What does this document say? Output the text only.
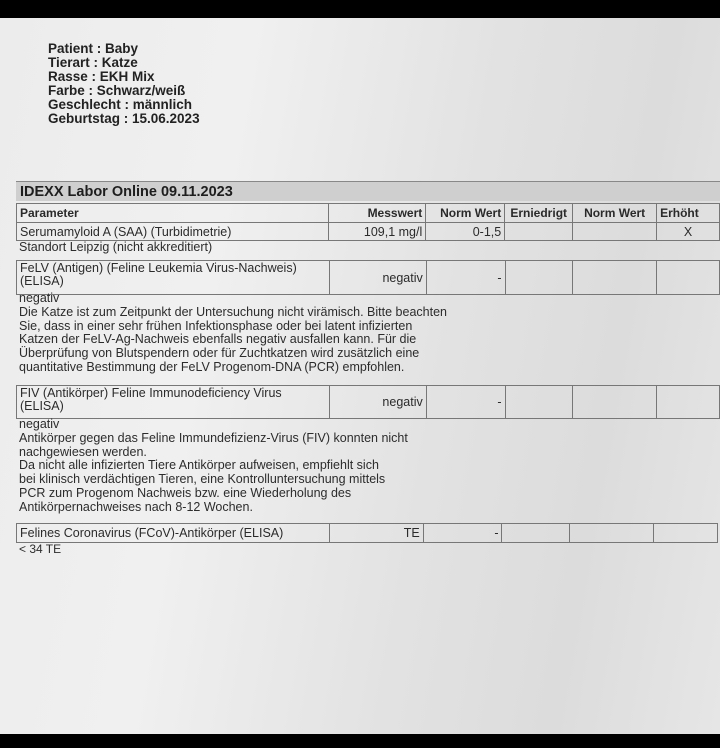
Patient : Baby
Tierart : Katze
Rasse : EKH Mix
Farbe : Schwarz/weiß
Geschlecht : männlich
Geburtstag : 15.06.2023
IDEXX Labor Online 09.11.2023
Parameter	Messwert	Norm Wert	Erniedrigt	Norm Wert	Erhöht
Serumamyloid A (SAA) (Turbidimetrie)	109,1 mg/l	0-1,5			X
Standort Leipzig (nicht akkreditiert)
FeLV (Antigen) (Feline Leukemia Virus-Nachweis)
(ELISA)	negativ	-			
negativ
Die Katze ist zum Zeitpunkt der Untersuchung nicht virämisch. Bitte beachten
Sie, dass in einer sehr frühen Infektionsphase oder bei latent infizierten
Katzen der FeLV-Ag-Nachweis ebenfalls negativ ausfallen kann. Für die
Überprüfung von Blutspendern oder für Zuchtkatzen wird zusätzlich eine
quantitative Bestimmung der FeLV Progenom-DNA (PCR) empfohlen.
FIV (Antikörper) Feline Immunodeficiency Virus
(ELISA)	negativ	-			
negativ
Antikörper gegen das Feline Immundefizienz-Virus (FIV) konnten nicht
nachgewiesen werden.
Da nicht alle infizierten Tiere Antikörper aufweisen, empfiehlt sich
bei klinisch verdächtigen Tieren, eine Kontrolluntersuchung mittels
PCR zum Progenom Nachweis bzw. eine Wiederholung des
Antikörpernachweises nach 8-12 Wochen.
Felines Coronavirus (FCoV)-Antikörper (ELISA)	TE	-			
< 34 TE
